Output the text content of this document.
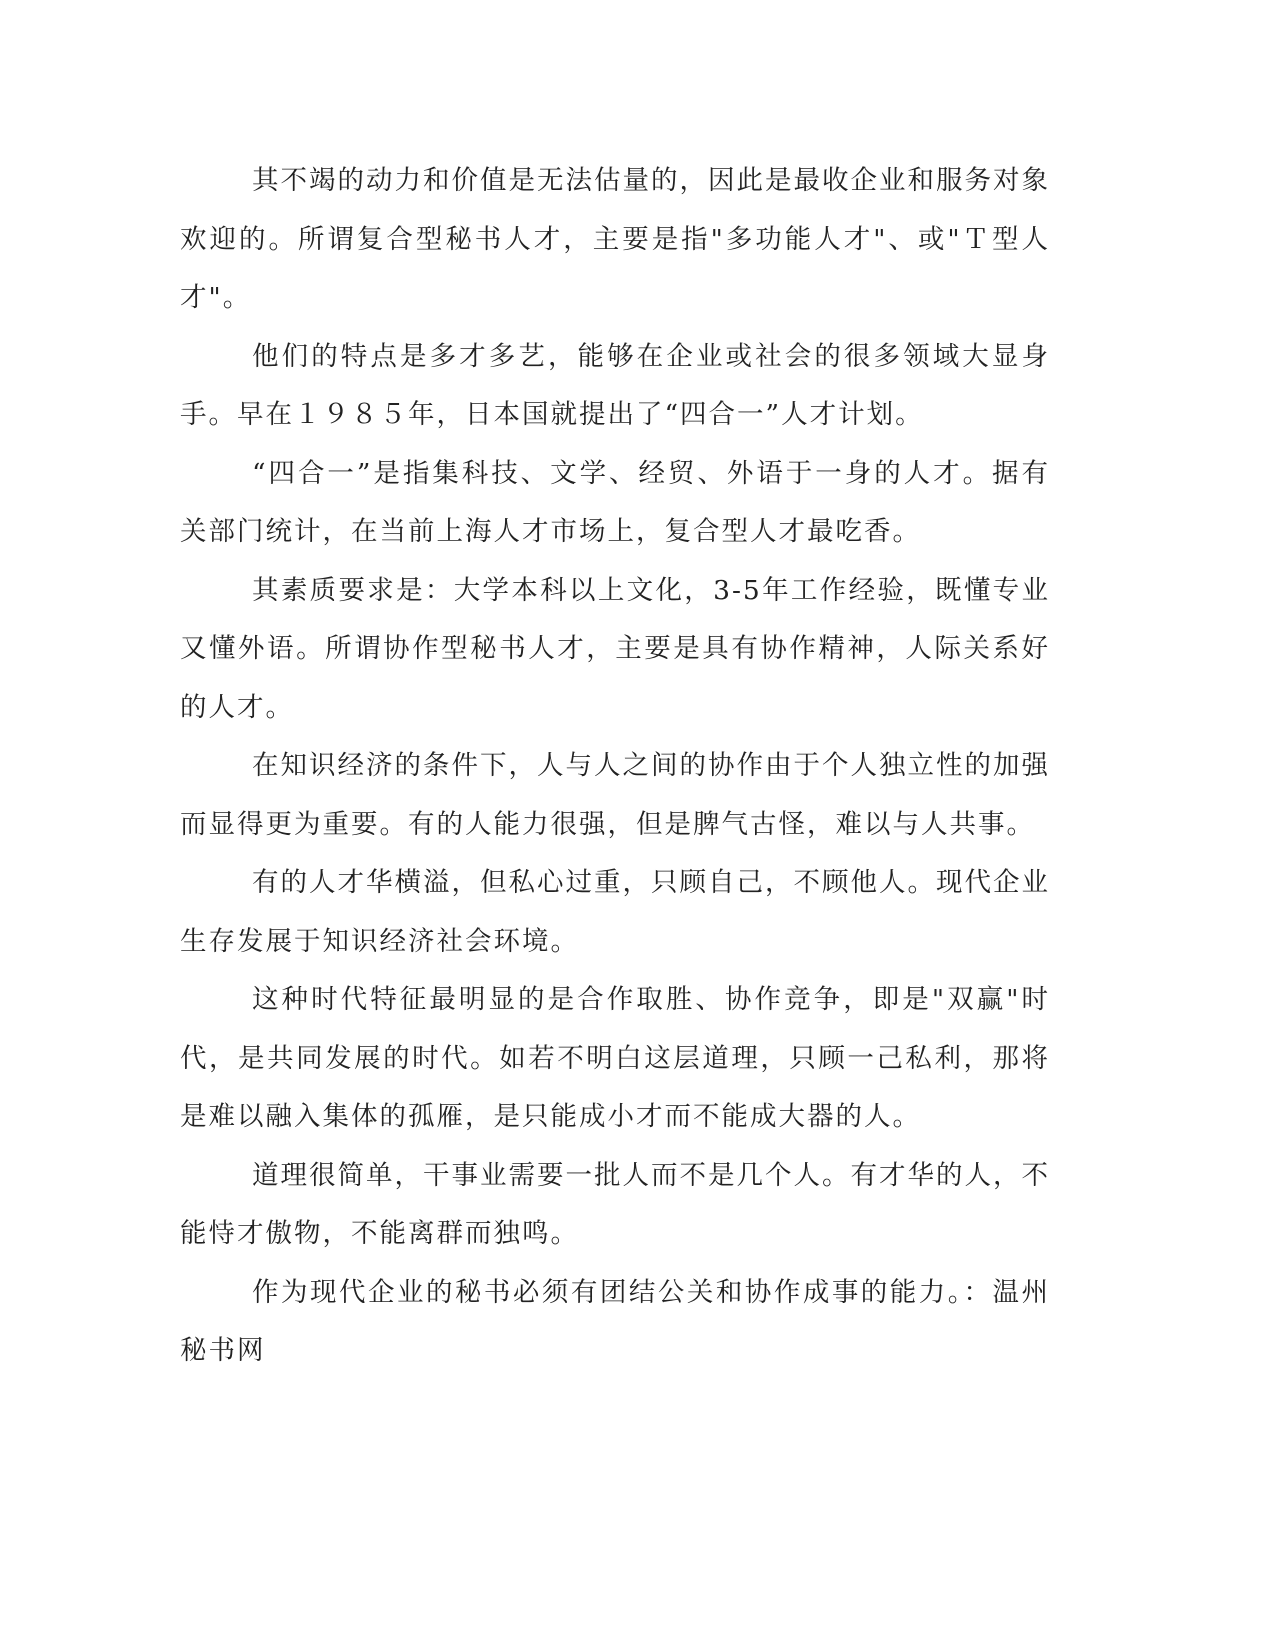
其不竭的动力和价值是无法估量的，因此是最收企业和服务对象欢迎的。所谓复合型秘书人才，主要是指"多功能人才"、或"Ｔ型人才"。

他们的特点是多才多艺，能够在企业或社会的很多领域大显身手。早在１９８５年，日本国就提出了“四合一”人才计划。

“四合一”是指集科技、文学、经贸、外语于一身的人才。据有关部门统计，在当前上海人才市场上，复合型人才最吃香。

其素质要求是：大学本科以上文化，3-5年工作经验，既懂专业又懂外语。所谓协作型秘书人才，主要是具有协作精神，人际关系好的人才。

在知识经济的条件下，人与人之间的协作由于个人独立性的加强而显得更为重要。有的人能力很强，但是脾气古怪，难以与人共事。

有的人才华横溢，但私心过重，只顾自己，不顾他人。现代企业生存发展于知识经济社会环境。

这种时代特征最明显的是合作取胜、协作竞争，即是"双赢"时代，是共同发展的时代。如若不明白这层道理，只顾一己私利，那将是难以融入集体的孤雁，是只能成小才而不能成大器的人。

道理很简单，干事业需要一批人而不是几个人。有才华的人，不能恃才傲物，不能离群而独鸣。

作为现代企业的秘书必须有团结公关和协作成事的能力。：温州秘书网
